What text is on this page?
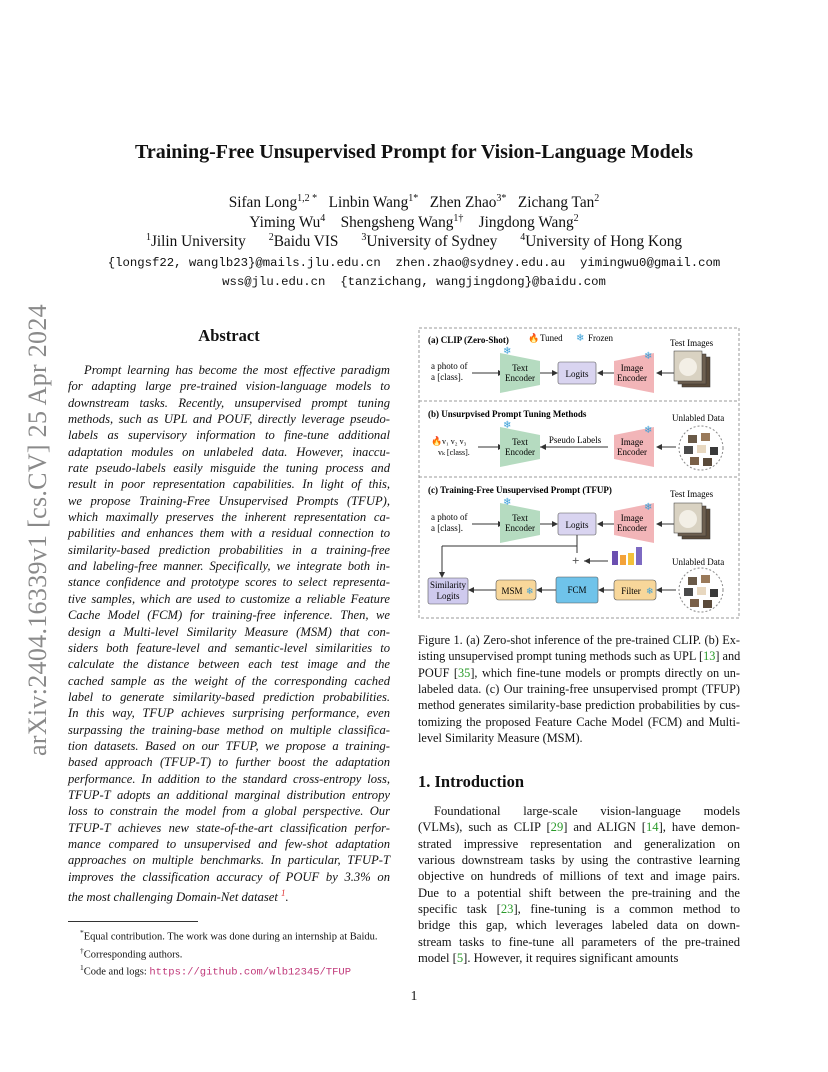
arXiv:2404.16339v1 [cs.CV] 25 Apr 2024
Training-Free Unsupervised Prompt for Vision-Language Models
Sifan Long$^{1,2 *}$ Linbin Wang$^{1*}$ Zhen Zhao$^{3*}$ Zichang Tan$^2$
Yiming Wu$^4$ Shengsheng Wang$^{1\dagger}$ Jingdong Wang$^2$
$^1$Jilin University $^2$Baidu VIS $^3$University of Sydney $^4$University of Hong Kong
{longsf22, wanglb23}@mails.jlu.edu.cn  zhen.zhao@sydney.edu.au  yimingwu0@gmail.com
wss@jlu.edu.cn  {tanzichang, wangjingdong}@baidu.com
Abstract
Prompt learning has become the most effective paradigm
for adapting large pre-trained vision-language models to
downstream tasks. Recently, unsupervised prompt tuning
methods, such as UPL and POUF, directly leverage pseudo-
labels as supervisory information to fine-tune additional
adaptation modules on unlabeled data. However, inaccu-
rate pseudo-labels easily misguide the tuning process and
result in poor representation capabilities. In light of this,
we propose Training-Free Unsupervised Prompts (TFUP),
which maximally preserves the inherent representation ca-
pabilities and enhances them with a residual connection to
similarity-based prediction probabilities in a training-free
and labeling-free manner. Specifically, we integrate both in-
stance confidence and prototype scores to select representa-
tive samples, which are used to customize a reliable Feature
Cache Model (FCM) for training-free inference. Then, we
design a Multi-level Similarity Measure (MSM) that con-
siders both feature-level and semantic-level similarities to
calculate the distance between each test image and the
cached sample as the weight of the corresponding cached
label to generate similarity-based prediction probabilities.
In this way, TFUP achieves surprising performance, even
surpassing the training-base method on multiple classifica-
tion datasets. Based on our TFUP, we propose a training-
based approach (TFUP-T) to further boost the adaptation
performance. In addition to the standard cross-entropy loss,
TFUP-T adopts an additional marginal distribution entropy
loss to constrain the model from a global perspective. Our
TFUP-T achieves new state-of-the-art classification perfor-
mance compared to unsupervised and few-shot adaptation
approaches on multiple benchmarks. In particular, TFUP-T
improves the classification accuracy of POUF by 3.3% on
the most challenging Domain-Net dataset $^1$.
*Equal contribution. The work was done during an internship at Baidu.
†Corresponding authors.
$^1$Code and logs: https://github.com/wlb12345/TFUP
🔥 Tuned ❄ Frozen
(a) CLIP (Zero-Shot)
a photo of
a [class].
❄
Text
Encoder	Logits
❄
Image
Encoder
Test Images
(b) Unsurpvised Prompt Tuning Methods
🔥 v₁ v₂ v₃
vₖ [class].
❄
Text
Encoder
Pseudo Labels
❄
Image
Encoder
Unlabled Data
(c) Training-Free Unsupervised Prompt (TFUP)	Test Images
a photo of
a [class].
❄
Text
Encoder	Logits
❄
Image
Encoder
+	Unlabled Data
Similarity
Logits	MSM ❄	FCM	Filter ❄
Figure 1. (a) Zero-shot inference of the pre-trained CLIP. (b) Ex-
isting unsupervised prompt tuning methods such as UPL [13] and
POUF [35], which fine-tune models or prompts directly on un-
labeled data. (c) Our training-free unsupervised prompt (TFUP)
method generates similarity-base prediction probabilities by cus-
tomizing the proposed Feature Cache Model (FCM) and Multi-
level Similarity Measure (MSM).
1. Introduction
Foundational large-scale vision-language models
(VLMs), such as CLIP [29] and ALIGN [14], have demon-
strated impressive representation and generalization on
various downstream tasks by using the contrastive learning
objective on hundreds of millions of text and image pairs.
Due to a potential shift between the pre-training and the
specific task [23], fine-tuning is a common method to
bridge this gap, which leverages labeled data on down-
stream tasks to fine-tune all parameters of the pre-trained
model [5]. However, it requires significant amounts
1
